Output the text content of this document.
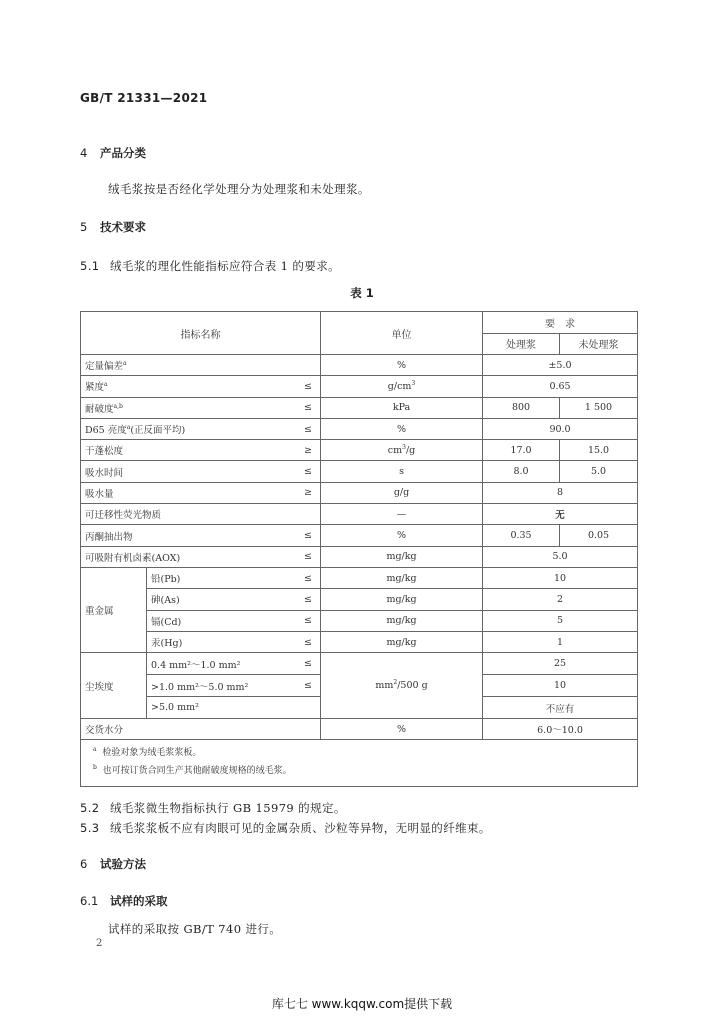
GB/T 21331—2021
4 产品分类
绒毛浆按是否经化学处理分为处理浆和未处理浆。
5 技术要求
5.1 绒毛浆的理化性能指标应符合表 1 的要求。
表 1
指标名称			单位	要　求	
				处理浆	未处理浆
定量偏差$^a$			%	±5.0	
紧度$^a$		≤	$g/cm^3$	0.65	
耐破度$^{a,b}$		≤	kPa	800	1 500
D65 亮度$^a$(正反面平均)		≤	%	90.0	
干蓬松度		≥	$cm^3/g$	17.0	15.0
吸水时间		≤	s	8.0	5.0
吸水量		≥	g/g	8	
可迁移性荧光物质			—	无	
丙酮抽出物		≤	%	0.35	0.05
可吸附有机卤素(AOX)		≤	mg/kg	5.0	
重金属	铅(Pb)	≤	mg/kg	10	
	砷(As)	≤	mg/kg	2	
	镉(Cd)	≤	mg/kg	5	
	汞(Hg)	≤	mg/kg	1	
尘埃度	0.4 mm²～1.0 mm²	≤	$mm^2/500$ g	25	
	>1.0 mm²～5.0 mm²	≤		10	
	>5.0 mm²			不应有	
交货水分			%	6.0～10.0	

$^a$ 检验对象为绒毛浆浆板。
$^b$ 也可按订货合同生产其他耐破度规格的绒毛浆。					
5.2 绒毛浆微生物指标执行 GB 15979 的规定。
5.3 绒毛浆浆板不应有肉眼可见的金属杂质、沙粒等异物，无明显的纤维束。
6 试验方法
6.1 试样的采取
试样的采取按 GB/T 740 进行。
2
库七七 www.kqqw.com提供下载
